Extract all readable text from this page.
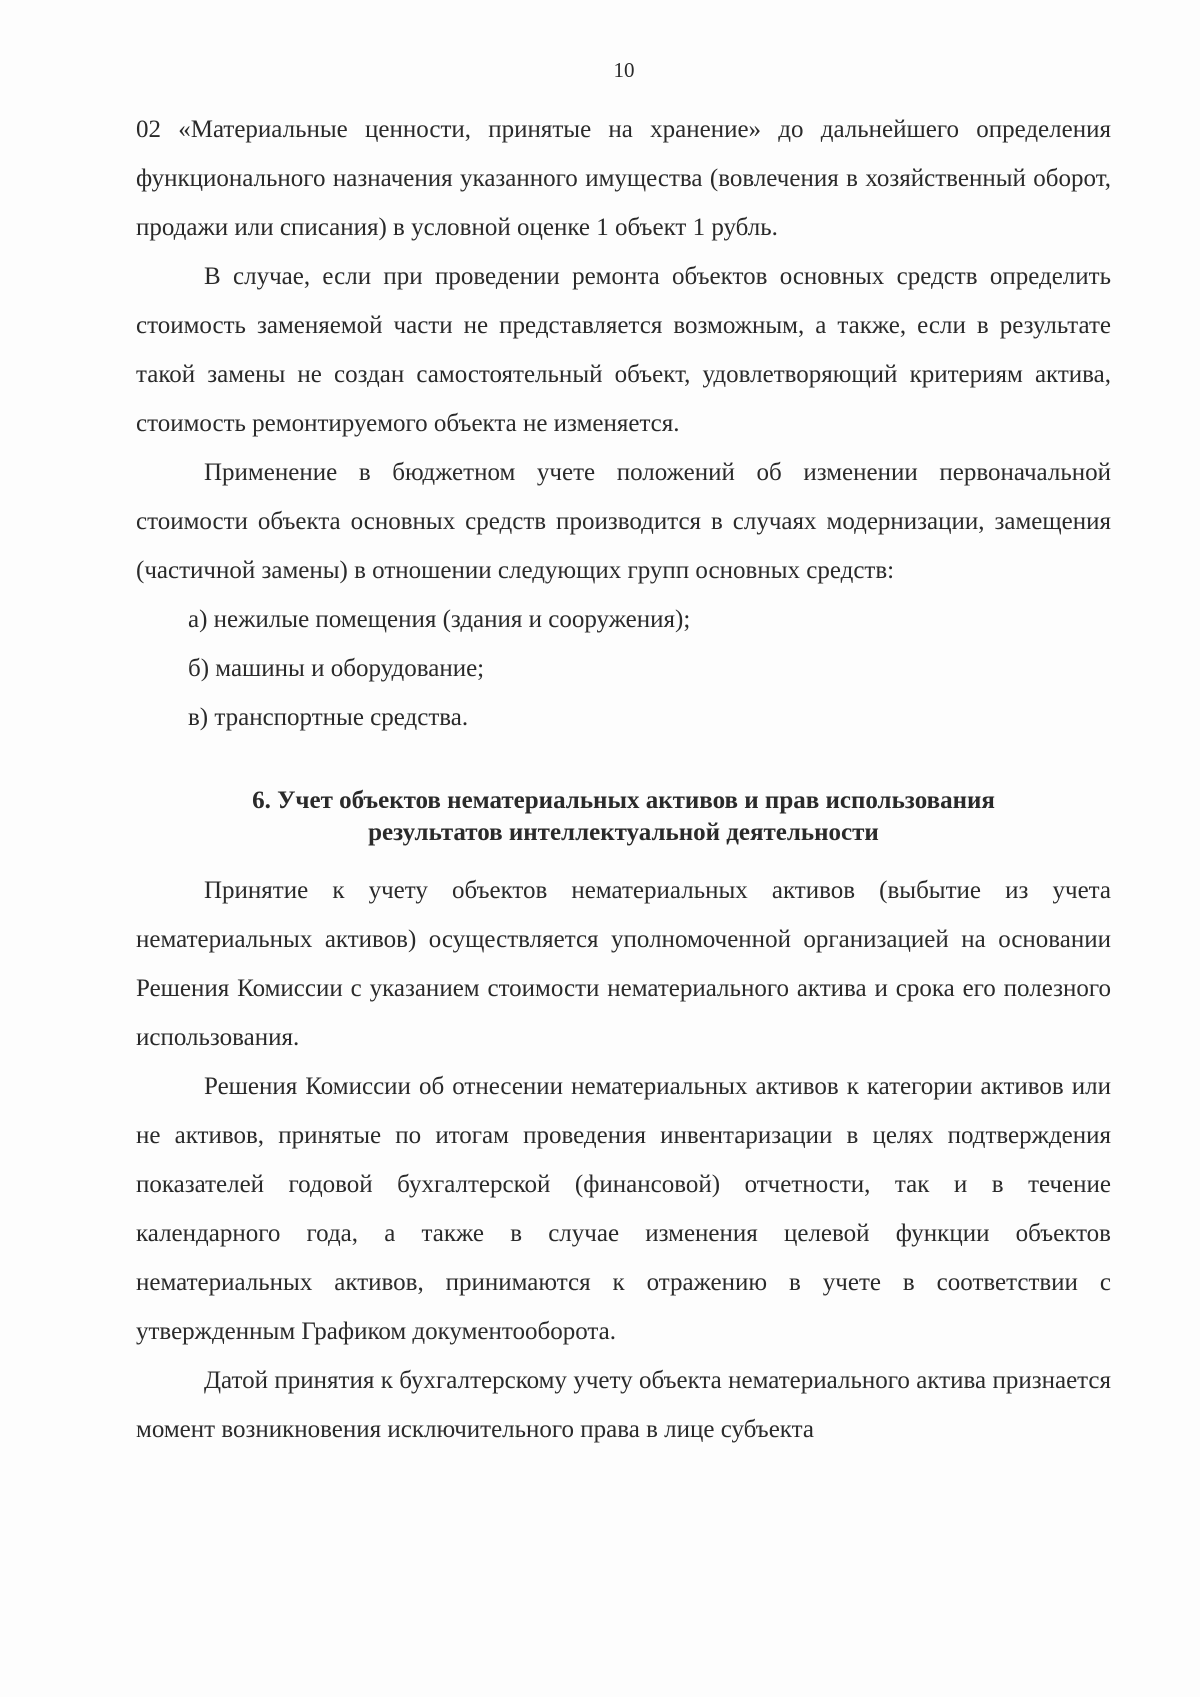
10

02 «Материальные ценности, принятые на хранение» до дальнейшего определения функционального назначения указанного имущества (вовлечения в хозяйственный оборот, продажи или списания) в условной оценке 1 объект 1 рубль.

В случае, если при проведении ремонта объектов основных средств определить стоимость заменяемой части не представляется возможным, а также, если в результате такой замены не создан самостоятельный объект, удовлетворяющий критериям актива, стоимость ремонтируемого объекта не изменяется.

Применение в бюджетном учете положений об изменении первоначальной стоимости объекта основных средств производится в случаях модернизации, замещения (частичной замены) в отношении следующих групп основных средств:

а) нежилые помещения (здания и сооружения);

б) машины и оборудование;

в) транспортные средства.

6. Учет объектов нематериальных активов и прав использования
результатов интеллектуальной деятельности

Принятие к учету объектов нематериальных активов (выбытие из учета нематериальных активов) осуществляется уполномоченной организацией на основании Решения Комиссии с указанием стоимости нематериального актива и срока его полезного использования.

Решения Комиссии об отнесении нематериальных активов к категории активов или не активов, принятые по итогам проведения инвентаризации в целях подтверждения показателей годовой бухгалтерской (финансовой) отчетности, так и в течение календарного года, а также в случае изменения целевой функции объектов нематериальных активов, принимаются к отражению в учете в соответствии с утвержденным Графиком документооборота.

Датой принятия к бухгалтерскому учету объекта нематериального актива признается момент возникновения исключительного права в лице субъекта
